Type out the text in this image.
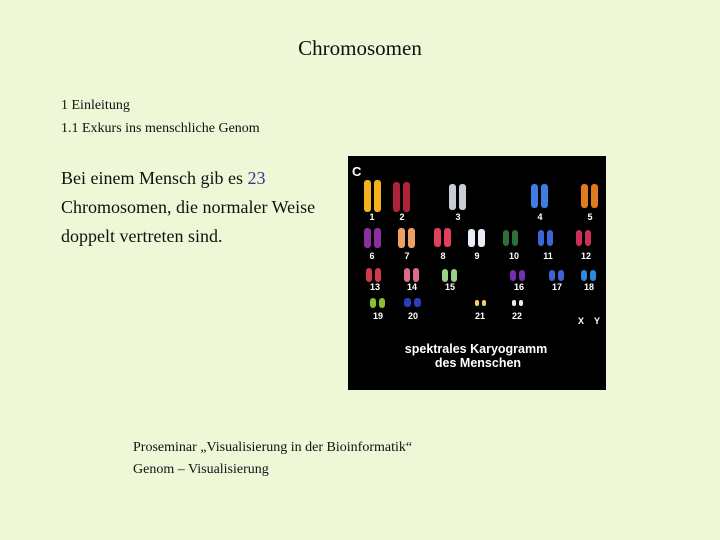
Chromosomen
1 Einleitung
1.1 Exkurs ins menschliche Genom
Bei einem Mensch gib es 23 Chromosomen, die normaler Weise doppelt vertreten sind.
C
1	2	3	4	5
6	7	8	9	10	11	12
13	14	15	16	17 18
19	20	21	22	X Y
spektrales Karyogramm
des Menschen
Proseminar „Visualisierung in der Bioinformatik“
Genom – Visualisierung
